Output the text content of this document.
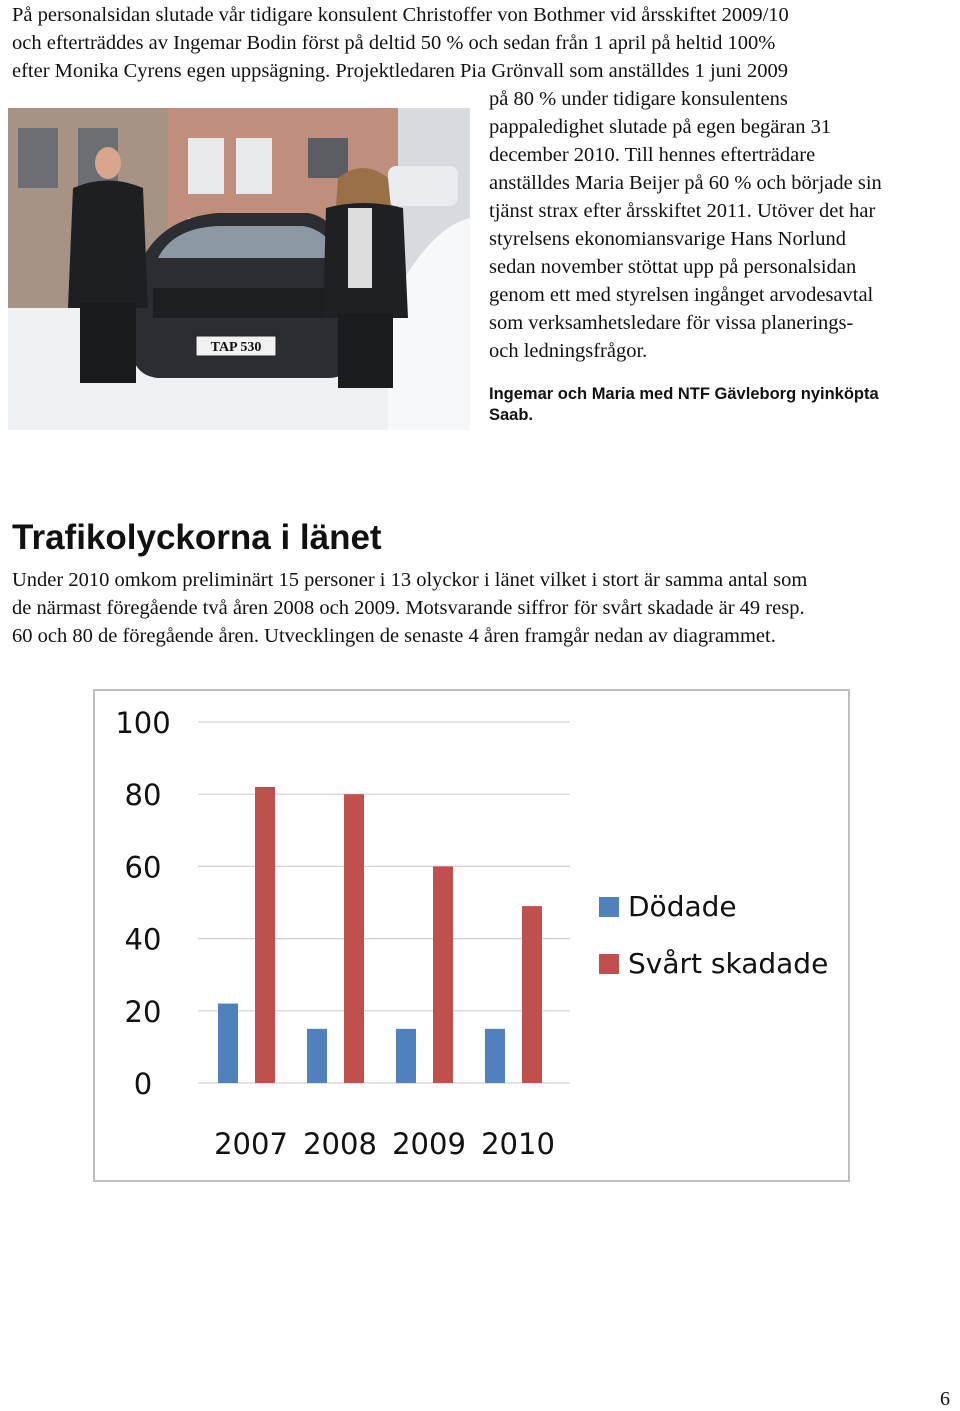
På personalsidan slutade vår tidigare konsulent Christoffer von Bothmer vid årsskiftet 2009/10
och efterträddes av Ingemar Bodin först på deltid 50 % och sedan från 1 april på heltid 100%
efter Monika Cyrens egen uppsägning. Projektledaren Pia Grönvall som anställdes 1 juni 2009
på 80 % under tidigare konsulentens
pappaledighet slutade på egen begäran 31
december 2010. Till hennes efterträdare
anställdes Maria Beijer på 60 % och började sin
tjänst strax efter årsskiftet 2011. Utöver det har
styrelsens ekonomiansvarige Hans Norlund
sedan november stöttat upp på personalsidan
genom ett med styrelsen ingånget arvodesavtal
som verksamhetsledare för vissa planerings-
och ledningsfrågor.
TAP 530
Ingemar och Maria med NTF Gävleborg nyinköpta
Saab.
Trafikolyckorna i länet
Under 2010 omkom preliminärt 15 personer i 13 olyckor i länet vilket i stort är samma antal som
de närmast föregående två åren 2008 och 2009. Motsvarande siffror för svårt skadade är 49 resp.
60 och 80 de föregående åren. Utvecklingen de senaste 4 åren framgår nedan av diagrammet.
0
20
40
60
80
100
2007 2008 2009 2010
Dödade
Svårt skadade
6
